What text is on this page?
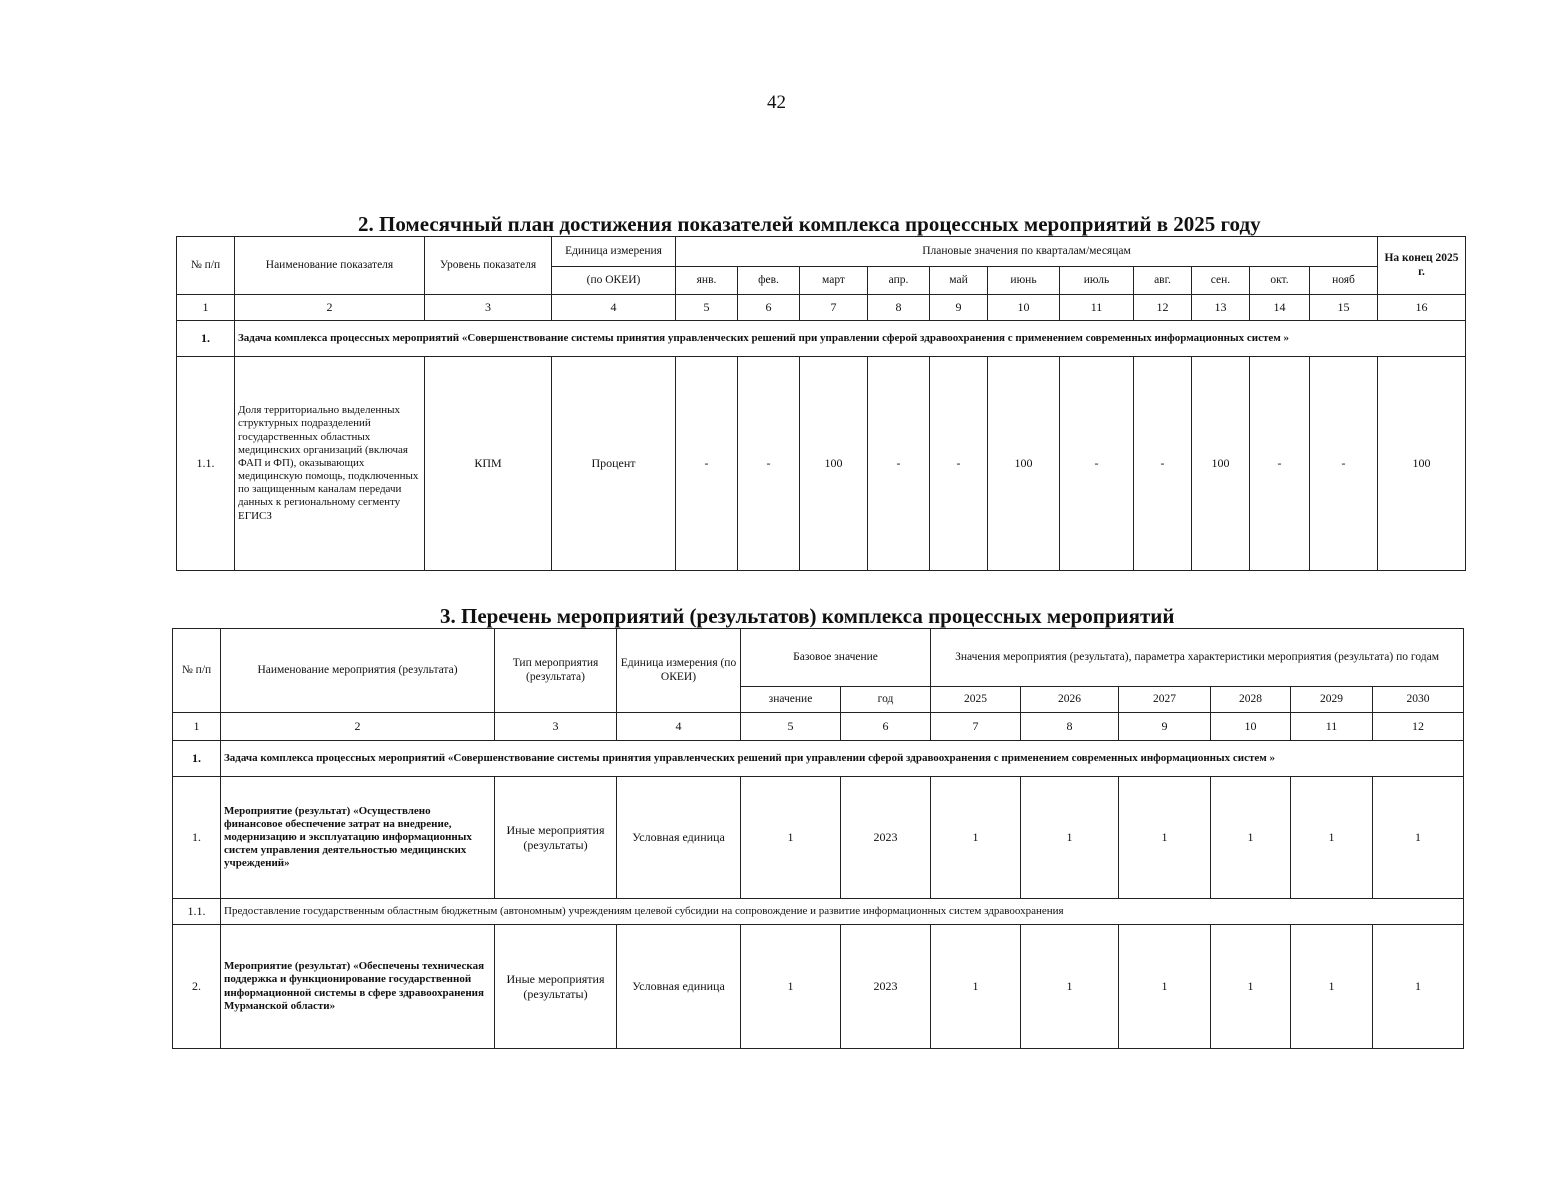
42
2. Помесячный план достижения показателей комплекса процессных мероприятий в 2025 году
№ п/п	Наименование показателя	Уровень показателя	Единица измерения	Плановые значения по кварталам/месяцам											На конец 2025 г.
			(по ОКЕИ)	янв.	фев.	март	апр.	май	июнь	июль	авг.	сен.	окт.	нояб	
1	2	3	4	5	6	7	8	9	10	11	12	13	14	15	16
1.	Задача комплекса процессных мероприятий «Совершенствование системы принятия управленческих решений при управлении сферой здравоохранения с применением современных информационных систем »														
1.1.	Доля территориально выделенных структурных подразделений государственных областных медицинских организаций (включая ФАП и ФП), оказывающих медицинскую помощь, подключенных по защищенным каналам передачи данных к региональному сегменту ЕГИСЗ	КПМ	Процент	-	-	100	-	-	100	-	-	100	-	-	100
3. Перечень мероприятий (результатов) комплекса процессных мероприятий
№ п/п	Наименование мероприятия (результата)	Тип мероприятия (результата)	Единица измерения (по ОКЕИ)	Базовое значение		Значения мероприятия (результата), параметра характеристики мероприятия (результата) по годам					
				значение	год	2025	2026	2027	2028	2029	2030
1	2	3	4	5	6	7	8	9	10	11	12
1.	Задача комплекса процессных мероприятий «Совершенствование системы принятия управленческих решений при управлении сферой здравоохранения с применением современных информационных систем »										
1.	Мероприятие (результат) «Осуществлено финансовое обеспечение затрат на внедрение, модернизацию и эксплуатацию информационных систем управления деятельностью медицинских учреждений»	Иные мероприятия (результаты)	Условная единица	1	2023	1	1	1	1	1	1
1.1.	Предоставление государственным областным бюджетным (автономным) учреждениям целевой субсидии на сопровождение и развитие информационных систем здравоохранения										
2.	Мероприятие (результат) «Обеспечены техническая поддержка и функционирование государственной информационной системы в сфере здравоохранения Мурманской области»	Иные мероприятия (результаты)	Условная единица	1	2023	1	1	1	1	1	1
